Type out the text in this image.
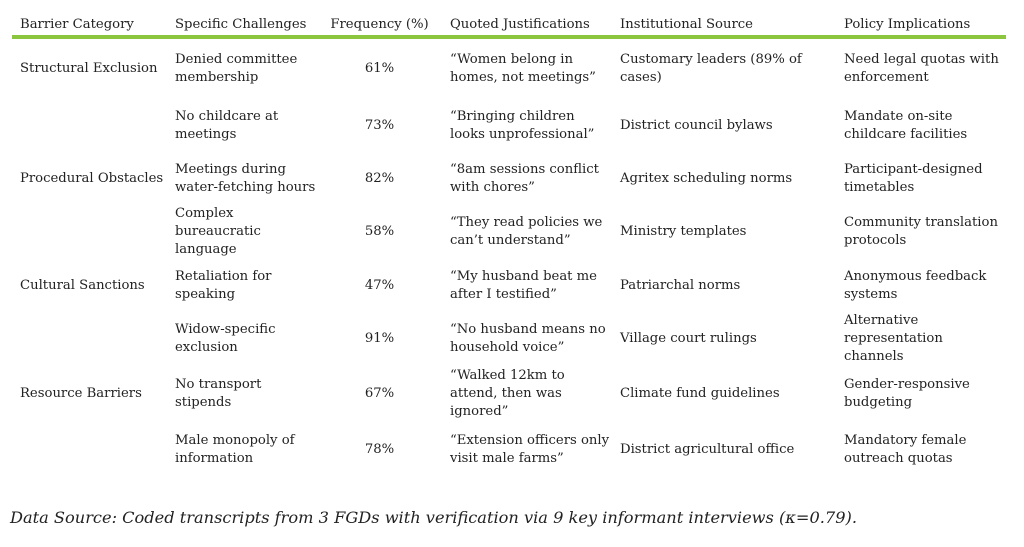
Barrier Category	Specific Challenges	Frequency (%)	Quoted Justifications	Institutional Source	Policy Implications

Structural Exclusion	Denied committee membership	61%	“Women belong in homes, not meetings”	Customary leaders (89% of cases)	Need legal quotas with enforcement
	No childcare at meetings	73%	“Bringing children looks unprofessional”	District council bylaws	Mandate on-site childcare facilities
Procedural Obstacles	Meetings during water-fetching hours	82%	“8am sessions conflict with chores”	Agritex scheduling norms	Participant-designed timetables
	Complex bureaucratic language	58%	“They read policies we can’t understand”	Ministry templates	Community translation protocols
Cultural Sanctions	Retaliation for speaking	47%	“My husband beat me after I testified”	Patriarchal norms	Anonymous feedback systems
	Widow-specific exclusion	91%	“No husband means no household voice”	Village court rulings	Alternative representation channels
Resource Barriers	No transport stipends	67%	“Walked 12km to attend, then was ignored”	Climate fund guidelines	Gender-responsive budgeting
	Male monopoly of information	78%	“Extension officers only visit male farms”	District agricultural office	Mandatory female outreach quotas
Data Source: Coded transcripts from 3 FGDs with verification via 9 key informant interviews (κ=0.79).
